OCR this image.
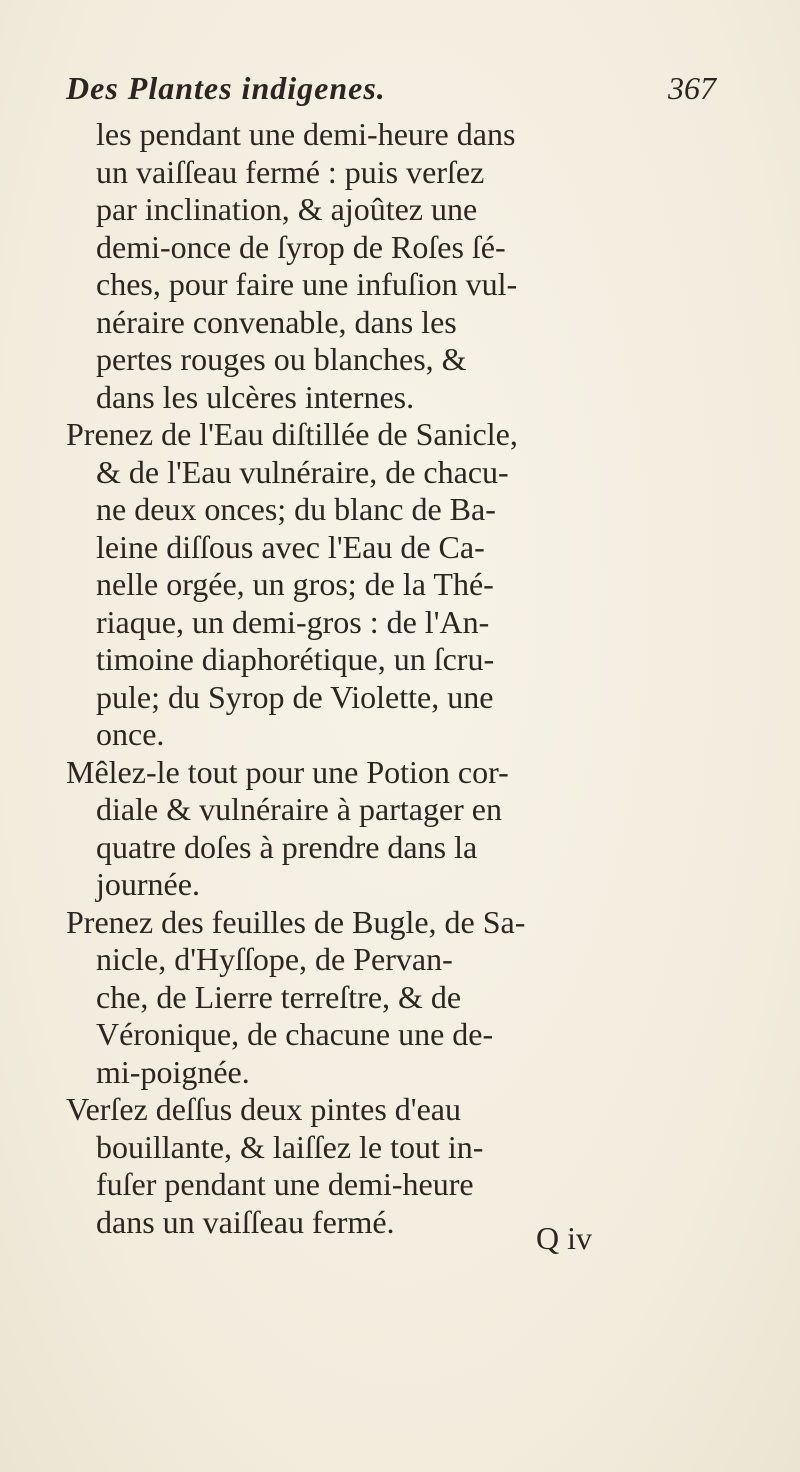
Des Plantes indigenes.	367
les pendant une demi-heure dans
un vaiſſeau fermé : puis verſez
par inclination, & ajoûtez une
demi-once de ſyrop de Roſes ſé-
ches, pour faire une infuſion vul-
néraire convenable, dans les
pertes rouges ou blanches, &
dans les ulcères internes.
Prenez de l'Eau diſtillée de Sanicle,
& de l'Eau vulnéraire, de chacu-
ne deux onces; du blanc de Ba-
leine diſſous avec l'Eau de Ca-
nelle orgée, un gros; de la Thé-
riaque, un demi-gros : de l'An-
timoine diaphorétique, un ſcru-
pule; du Syrop de Violette, une
once.
Mêlez-le tout pour une Potion cor-
diale & vulnéraire à partager en
quatre doſes à prendre dans la
journée.
Prenez des feuilles de Bugle, de Sa-
nicle, d'Hyſſope, de Pervan-
che, de Lierre terreſtre, & de
Véronique, de chacune une de-
mi-poignée.
Verſez deſſus deux pintes d'eau
bouillante, & laiſſez le tout in-
fuſer pendant une demi-heure
dans un vaiſſeau fermé.	Q iv
